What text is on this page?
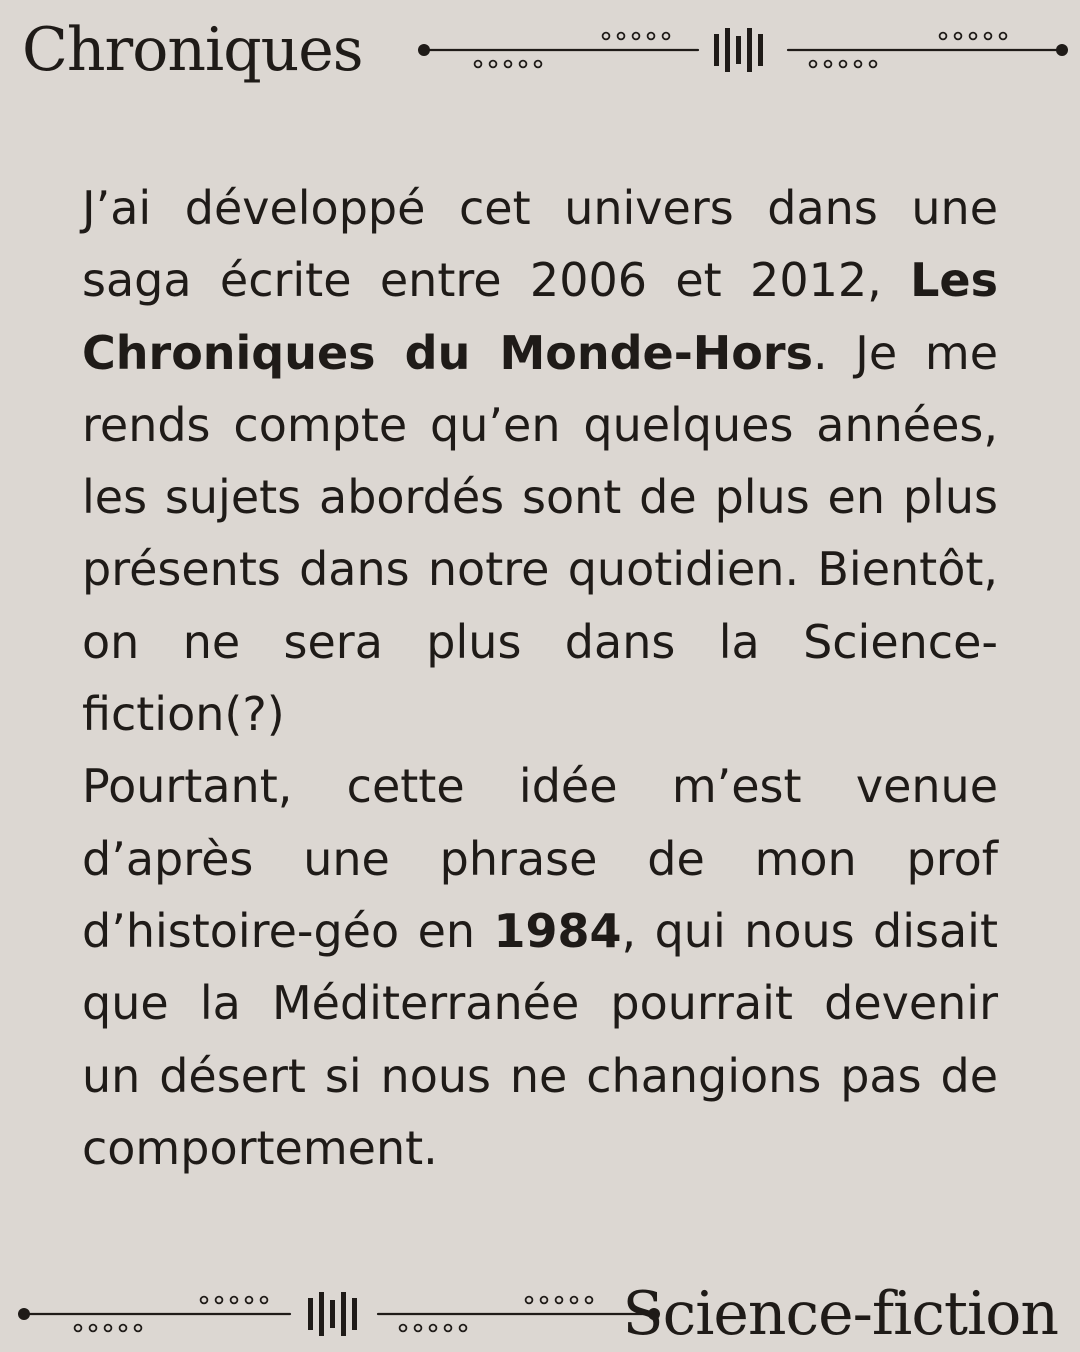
Chroniques

J’ai développé cet univers dans une saga écrite entre 2006 et 2012, Les Chroniques du Monde-Hors. Je me rends compte qu’en quelques années, les sujets abordés sont de plus en plus présents dans notre quotidien. Bientôt, on ne sera plus dans la Science-fiction(?)

Pourtant, cette idée m’est venue d’après une phrase de mon prof d’histoire-géo en 1984, qui nous disait que la Méditerranée pourrait devenir un désert si nous ne changions pas de comportement.

Science-fiction
